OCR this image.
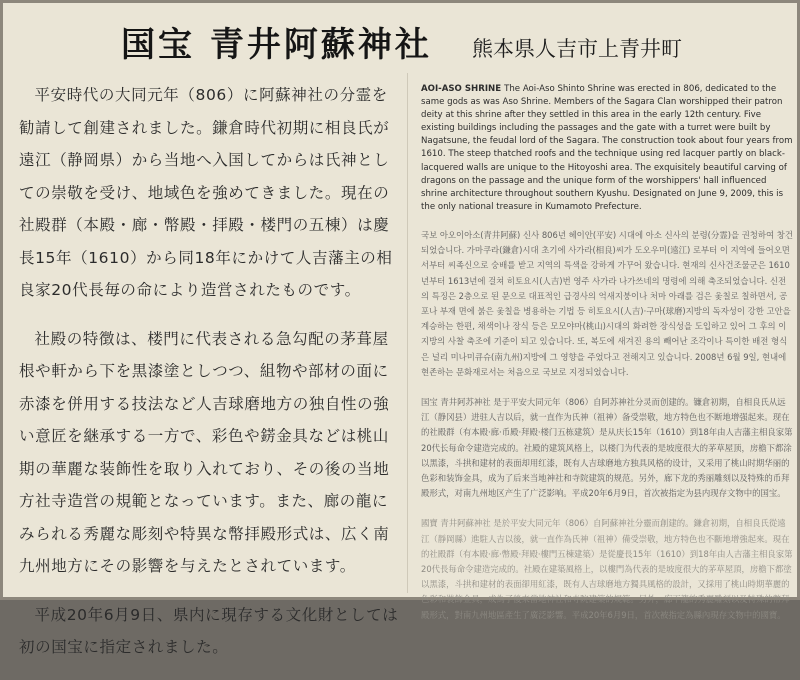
国宝 青井阿蘇神社 熊本県人吉市上青井町

平安時代の大同元年（806）に阿蘇神社の分霊を勧請して創建されました。鎌倉時代初期に相良氏が遠江（静岡県）から当地へ入国してからは氏神としての崇敬を受け、地域色を強めてきました。現在の社殿群（本殿・廊・幣殿・拝殿・楼門の五棟）は慶長15年（1610）から同18年にかけて人吉藩主の相良家20代長毎の命により造営されたものです。

社殿の特徴は、楼門に代表される急勾配の茅葺屋根や軒から下を黒漆塗としつつ、組物や部材の面に赤漆を併用する技法など人吉球磨地方の独自性の強い意匠を継承する一方で、彩色や錺金具などは桃山期の華麗な装飾性を取り入れており、その後の当地方社寺造営の規範となっています。また、廊の龍にみられる秀麗な彫刻や特異な幣拝殿形式は、広く南九州地方にその影響を与えたとされています。

平成20年6月9日、県内に現存する文化財としては初の国宝に指定されました。

AOI-ASO SHRINE The Aoi-Aso Shinto Shrine was erected in 806, dedicated to the same gods as was Aso Shrine. Members of the Sagara Clan worshipped their patron deity at this shrine after they settled in this area in the early 12th century. Five existing buildings including the passages and the gate with a turret were built by Nagatsune, the feudal lord of the Sagara. The construction took about four years from 1610. The steep thatched roofs and the technique using red lacquer partly on black-lacquered walls are unique to the Hitoyoshi area. The exquisitely beautiful carving of dragons on the passage and the unique form of the worshippers' hall influenced shrine architecture throughout southern Kyushu. Designated on June 9, 2009, this is the only national treasure in Kumamoto Prefecture.
국보 아오이아소(青井阿蘇) 신사 806년 헤이안(平安) 시대에 아소 신사의 분령(分霊)을 권청하여 창건 되었습니다. 가마쿠라(鎌倉)시대 초기에 사가라(相良)씨가 도오우미(遠江) 로부터 이 지역에 들어오면서부터 씨족신으로 숭배를 받고 지역의 특색을 강하게 가꾸어 왔습니다. 현재의 신사건조물군은 1610년부터 1613년에 걸쳐 히토요시(人吉)번 영주 사가라 나가쓰네의 명령에 의해 축조되었습니다. 신전의 특징은 2층으로 된 문으로 대표적인 급경사의 억새지붕이나 처마 아래를 검은 옻칠로 칠하면서, 공포나 부재 면에 붉은 옻칠을 병용하는 기법 등 히토요시(人吉)·구마(球磨)지방의 독자성이 강한 고안을 계승하는 한편, 채색이나 장식 등은 모모야마(桃山)시대의 화려한 장식성을 도입하고 있어 그 후의 이 지방의 사찰 축조에 기준이 되고 있습니다. 또, 복도에 새겨진 용의 빼어난 조각이나 특이한 배전 형식은 널리 미나미큐슈(南九州)지방에 그 영향을 주었다고 전해지고 있습니다. 2008년 6월 9일, 현내에 현존하는 문화재로서는 처음으로 국보로 지정되었습니다.
国宝 青井阿苏神社 是于平安大同元年（806）自阿苏神社分灵而创建的。镰倉初期，自相良氏从远江（静冈县）进驻人吉以后，就一直作为氏神（祖神）备受崇敬，地方特色也不断地增强起来。现在的社殿群（有本殿·廊·币殿·拜殿·楼门五栋建筑）是从庆长15年（1610）到18年由人吉藩主相良家第20代长每命令建造完成的。社殿的建筑风格上，以楼门为代表的是坡度很大的茅草屋顶，房檐下都涂以黑漆，斗拱和建材的表面却用红漆，既有人吉球磨地方独具风格的设计，又采用了桃山时期华丽的色彩和装饰金具，成为了后来当地神社和寺院建筑的规范。另外，廊下龙的秀丽雕刻以及特殊的币拜殿形式，对南九州地区产生了广泛影响。平成20年6月9日，首次被指定为县内现存文物中的国宝。
國寶 青井阿蘇神社 是於平安大同元年（806）自阿蘇神社分靈而創建的。鎌倉初期，自相良氏從遠江（靜岡縣）進駐人吉以後，就一直作為氏神（祖神）備受崇敬，地方特色也不斷地增強起來。現在的社殿群（有本殿·廊·幣殿·拜殿·樓門五棟建築）是從慶長15年（1610）到18年由人吉藩主相良家第20代長每命令建造完成的。社殿在建築風格上，以樓門為代表的是坡度很大的茅草屋頂，房檐下都塗以黑漆，斗拱和建材的表面卻用紅漆，既有人吉球磨地方獨具風格的設計，又採用了桃山時期華麗的色彩和裝飾金具，成為了後來當地神社和寺院建築的規範。另外，廊下龍的秀麗雕刻以及特殊的幣拜殿形式，對南九州地區產生了廣泛影響。平成20年6月9日，首次被指定為縣內現存文物中的國寶。
